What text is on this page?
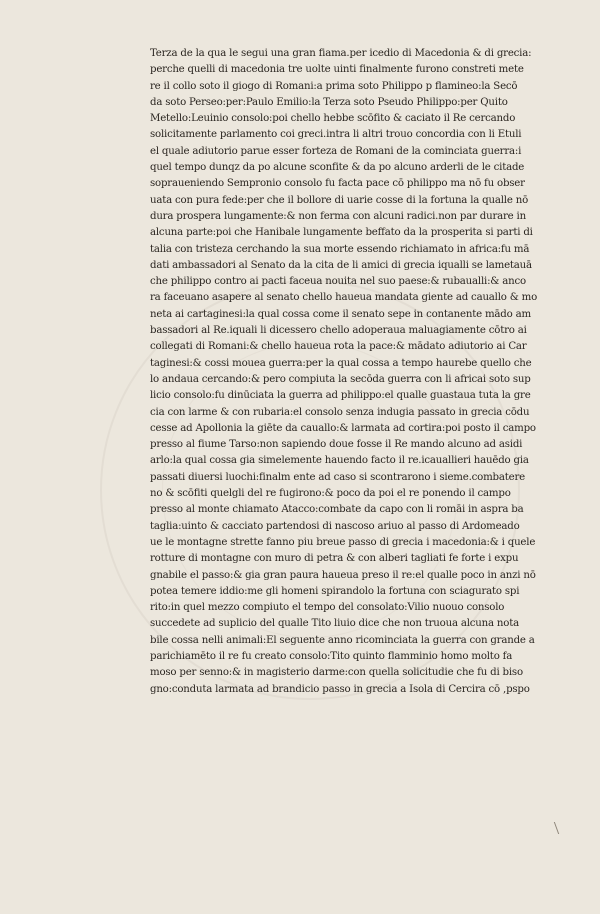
Terza de la qua le segui una gran fiama.per icedio di Macedonia & di grecia:
perche quelli di macedonia tre uolte uinti finalmente furono constreti mete
re il collo soto il giogo di Romani:a prima soto Philippo p flamineo:la Secō
da soto Perseo:per:Paulo Emilio:la Terza soto Pseudo Philippo:per Quito
Metello:Leuinio consolo:poi chello hebbe scōfito & caciato il Re cercando
solicitamente parlamento coi greci.intra li altri trouo concordia con li Etuli
el quale adiutorio parue esser forteza de Romani de la cominciata guerra:i
quel tempo dunqz da po alcune sconfite & da po alcuno arderli de le citade
sopraueniendo Sempronio consolo fu facta pace cō philippo ma nō fu obser
uata con pura fede:per che il bollore di uarie cosse di la fortuna la qualle nō
dura prospera lungamente:& non ferma con alcuni radici.non par durare in
alcuna parte:poi che Hanibale lungamente beffato da la prosperita si parti di
talia con tristeza cerchando la sua morte essendo richiamato in africa:fu mā
dati ambassadori al Senato da la cita de li amici di grecia iqualli se lametauā
che philippo contro ai pacti faceua nouita nel suo paese:& rubaualli:& anco
ra faceuano asapere al senato chello haueua mandata giente ad cauallo & mo
neta ai cartaginesi:la qual cossa come il senato sepe in contanente mādo am
bassadori al Re.iquali li dicessero chello adoperaua maluagiamente cōtro ai
collegati di Romani:& chello haueua rota la pace:& mādato adiutorio ai Car
taginesi:& cossi mouea guerra:per la qual cossa a tempo haurebe quello che
lo andaua cercando:& pero compiuta la secōda guerra con li africai soto sup
licio consolo:fu dinūciata la guerra ad philippo:el qualle guastaua tuta la gre
cia con larme & con rubaria:el consolo senza indugia passato in grecia cōdu
cesse ad Apollonia la giēte da cauallo:& larmata ad cortira:poi posto il campo
presso al fiume Tarso:non sapiendo doue fosse il Re mando alcuno ad asidi
arlo:la qual cossa gia simelemente hauendo facto il re.icauallieri hauēdo gia
passati diuersi luochi:finalm ente ad caso si scontrarono i sieme.combatere
no & scōfiti quelgli del re fugirono:& poco da poi el re ponendo il campo
presso al monte chiamato Atacco:combate da capo con li romāi in aspra ba
taglia:uinto & cacciato partendosi di nascoso ariuo al passo di Ardomeado
ue le montagne strette fanno piu breue passo di grecia i macedonia:& i quele
rotture di montagne con muro di petra & con alberi tagliati fe forte i expu
gnabile el passo:& gia gran paura haueua preso il re:el qualle poco in anzi nō
potea temere iddio:me gli homeni spirandolo la fortuna con sciagurato spi
rito:in quel mezzo compiuto el tempo del consolato:Vilio nuouo consolo
succedete ad suplicio del qualle Tito liuio dice che non truoua alcuna nota
bile cossa nelli animali:El seguente anno ricominciata la guerra con grande a
parichiamēto il re fu creato consolo:Tito quinto flamminio homo molto fa
moso per senno:& in magisterio darme:con quella solicitudie che fu di biso
gno:conduta larmata ad brandicio passo in grecia a Isola di Cercira cō ,pspo
